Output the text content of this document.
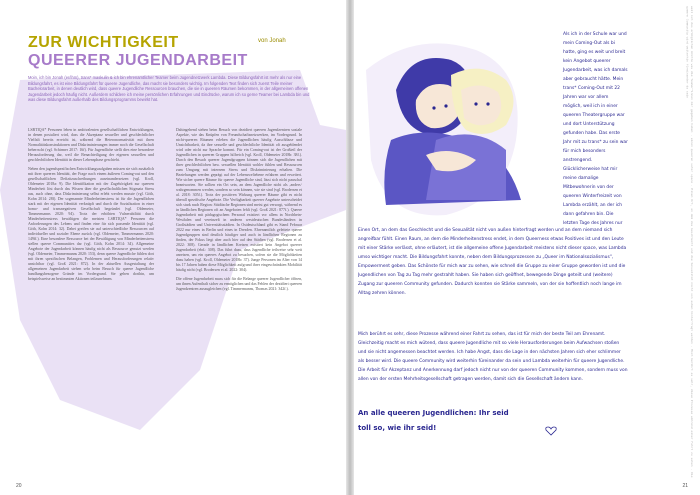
ZUR WICHTIGKEIT
QUEERER JUGENDARBEIT
von Jonah
Moin, ich bin Jonah (er/ihm), trans* maskulin & ich bin ehrenamtlicher Teamer beim Jugendnetzwerk Lambda. Diese Bildungsfahrt ist mehr als nur eine Bildungsfahrt, es ist eine Bildungsfahrt für queere Jugendliche, das macht sie besonders wichtig. Im folgenden Text finden sich zuerst Teile meiner Bachelorarbeit, in denen deutlich wird, dass queere Jugendliche Ressourcen brauchen, die sie in queeren Räumen bekommen, in der allgemeinen offenen Jugendarbeit jedoch häufig nicht. Außerdem schildere ich meine persönlichen Erfahrungen und Eindrücke, warum ich so gerne Teamer bei Lambda bin und was diese Bildungsfahrt außerhalb des Bildungsprogramms bewirkt hat.

LSBTIQA* Personen leben in ambivalenten gesellschaftlichen Entwicklungen, in denen postuliert wird, dass die Akzeptanz sexueller und geschlechtlicher Vielfalt bereits erreicht ist, während die Heteronormativität mit ihren Normalitätskonstruktionen und Diskriminierungen immer noch die Gesellschaft beherrscht (vgl. Schirmer 2017: 16f). Für Jugendliche stellt dies eine besondere Herausforderung dar, weil die Benachteiligung der eigenen sexuellen und geschlechtlichen Identität in dieser Lebensphase geschieht.

Neben den jugendspezifischen Entwicklungsaufgaben müssen sie sich zusätzlich mit ihrer queeren Identität, der Frage nach einem äußeren Coming-out und den gesellschaftlichen Defizitzuschreibungen auseinandersetzen (vgl. Kroll, Oldemeier 2018a: 9). Die Identifikation mit der Zugehörigkeit zur queeren Minderheit löst durch das Wissen über die gesellschaftlichen Stigmata Stress aus, auch ohne, dass Diskriminierung selbst erlebt werden musste (vgl. Göth, Kohn 2014: 28f). Der sogenannte Minderheitenstress ist für die Jugendlichen stark mit der eigenen Identität verknüpft und durch die Sozialisation in einer homo- und transnegativen Gesellschaft begründet (vgl. Oldemeier, Timmermanns 2020: 94). Trotz der erhöhten Vulnerabilität durch Minderheitenstress bewältigen die meisten LSBTIQA* Personen die Anforderungen des Lebens und finden eine für sich passende Identität (vgl. Göth, Kohn 2014: 32). Dabei greifen sie auf unterschiedliche Ressourcen auf individueller und sozialer Ebene zurück (vgl. Oldemeier, Timmermanns 2020: 149ff.). Eine besondere Ressource bei der Bewältigung von Minderheitenstress stellen queere Communities dar (vgl. Göth, Kohn 2014: 34). Allgemeine Angebote der Jugendarbeit können häufig nicht als Ressource genutzt werden (vgl. Oldemeier, Timmermanns 2020: 153), denn queere Jugendliche fühlen dort mit ihren spezifischen Belangen, Problemen und Herausforderungen relativ unsichtbar (vgl. Groß 2021: 872). In der aktuellen Ausgestaltung der allgemeinen Jugendarbeit stehen sehr beim Besuch für queere Jugendliche handlungsbezogene Gründe im Vordergrund. Sie gehen dorthin, um beispielsweise an bestimmten Aktionen teilzunehmen.

Dahingehend stehen beim Besuch von dezidiert queeren Jugendzentren soziale Aspekte, wie das Knüpfen von Freundschaftsnetzwerken, im Vordergrund. In nicht-queeren Räumen erleben die Jugendlichen häufig Ausschlüsse und Unsichtbarkeit, da ihre sexuelle und geschlechtliche Identität oft ausgeblendet wird oder nicht zur Sprache kommt. Für ein Coming-out ist der Großteil der Jugendlichen in queeren Gruppen hilfreich (vgl. Kroll, Oldemeier 2018b: 38f.). Durch den Besuch queerer Jugendgruppen können sich die Jugendlichen mit ihrer geschlechtlichen bzw. sexuellen Identität wohler fühlen und Ressourcen zum Umgang mit internem Stress und Diskriminierung erhalten. Die Beziehungen werden geprägt auf der Lebensweltebene erfahren und erweitert. Wie sicher queere Räume für queere Jugendliche sind, lässt sich nicht pauschal beantworten. Sie sollten ein Ort sein, an dem Jugendliche nicht als ‚anders‘ wahrgenommen werden, sondern so sein können, wie sie sind (vgl. Brodersen et al. 2018: 305f.). Trotz der positiven Wirkung queerer Räume gibt es nicht überall spezifische Angebote. Die Verfügbarkeit queerer Angebote unterscheidet sich stark nach Region: Städtische Regionen sind meist gut versorgt, während es in ländlichen Regionen oft an Angeboten fehlt (vgl. Groß 2021: 877f.). Queere Jugendarbeit mit pädagogischem Personal existiert vor allem in Nordrhein-Westfalen und vereinzelt in anderen westdeutschen Bundesländern in Großstädten und Universitätsstädten. In Ostdeutschland gibt es Stand Februar 2022 nur eines in Berlin und eines in Dresden. Ehrenamtlich geleitete queere Jugendgruppen sind deutlich häufiger und auch in ländlichen Regionen zu finden, der Fokus liegt aber auch hier auf den Städten (vgl. Brodersen et al. 2022: 308). Gerade in ländlichen Kreisen existiert kein Angebot queerer Jugendarbeit (ebd.: 308). Das führt dazu, dass Jugendliche teilweise sehr weit anreisen, um ein queeres Angebot zu besuchen, sofern sie die Möglichkeiten dazu haben (vgl. Kroll, Oldemeier 2018b: 37). Junge Personen im Alter von 14 bis 17 Jahren haben diese Möglichkeit aufgrund ihrer eingeschränkten Mobilität häufig nicht (vgl. Brodersen et al. 2022: 304).

Die offene Jugendarbeit muss sich für die Belange queerer Jugendlicher öffnen, um ihnen Aufenthalt sicher zu ermöglichen und das Fehlen der dezidiert queeren Jugendzentren auszugleichen (vgl. Timmermanns, Thomas 2021: 342f.).

20	21
Als ich in der Schule war und mein Coming-Out als bi hatte, ging es weit und breit kein Angebot queerer Jugendarbeit, was ich damals aber gebraucht hätte. Mein trans* Coming-Out mit 22 Jahren war vor allem möglich, weil ich in einer queeren Theatergruppe war und dort Unterstützung gefunden habe. Das erste Jahr mit zu trans* zu sein war für mich besonders anstrengend. Glücklicherweise hat mir meine damalige Mitbewohnerin von der queeren Winterfreizeit von Lambda erzählt, an der ich dann gefahren bin. Die letzten Tage des Jahres nur
Einen Ort, an dem das Geschlecht und die Sexualität nicht von außen hinterfragt werden und an dem niemand sich angreifbar fühlt. Einen Raum, an dem die Minderheitenstress endet, in dem Queerness etwas Positives ist und den Leute mit einer Stärke verlässt, ohne erläutert, ist die allgemeine offene Jugendarbeit meistens nicht dieser space, was Lambda umso wichtiger macht. Die Bildungsfahrt konnte, neben dem Bildungsprozessen zu „Queer im Nationalsozialismus“, Empowerment geben. Das Schönste für mich war zu sehen, wie schnell die Gruppe zu einer Gruppe geworden ist und die Jugendlichen von Tag zu Tag mehr gestrahlt haben. Sie haben sich geöffnet, bewegende Dinge geteilt und (weitere) Zugang zur queeren Community gefunden. Dadurch konnten sie Stärke sammeln, von der sie hoffentlich noch lange im Alltag zehren können.
Mich berührt es sehr, diese Prozesse während einer Fahrt zu sehen, das ist für mich der beste Teil am Ehrenamt. Gleichzeitig macht es mich wütend, dass queere Jugendliche mit so viele Herausforderungen beim Aufwachsen stoßen und sie nicht angemessen beachtet werden. Ich habe Angst, dass die Lage in den nächsten Jahren sich eher schlimmer als besser wird. Die queere Community wird weiterhin füreinander da sein und Lambda weiterhin für queere Jugendliche. Die Arbeit für Akzeptanz und Anerkennung darf jedoch nicht nur von der queeren Community kommen, sondern muss von allen von der ersten Mehrheitsgesellschaft getragen werden, damit sich die Gesellschaft ändern kann.
An alle queeren Jugendlichen: Ihr seid
toll so, wie ihr seid!	weil ich das ermöglichen möchte was die Teamer*innen mir gegeben haben · einen queeren safer space · Einen Ort, an dem das Geschlecht und die Sexualität nicht von außen hinterfragt werden · Mich berührt es sehr, diese Prozesse während einer Fahrt zu sehen · Die queere Community wird weiterhin füreinander da sein
